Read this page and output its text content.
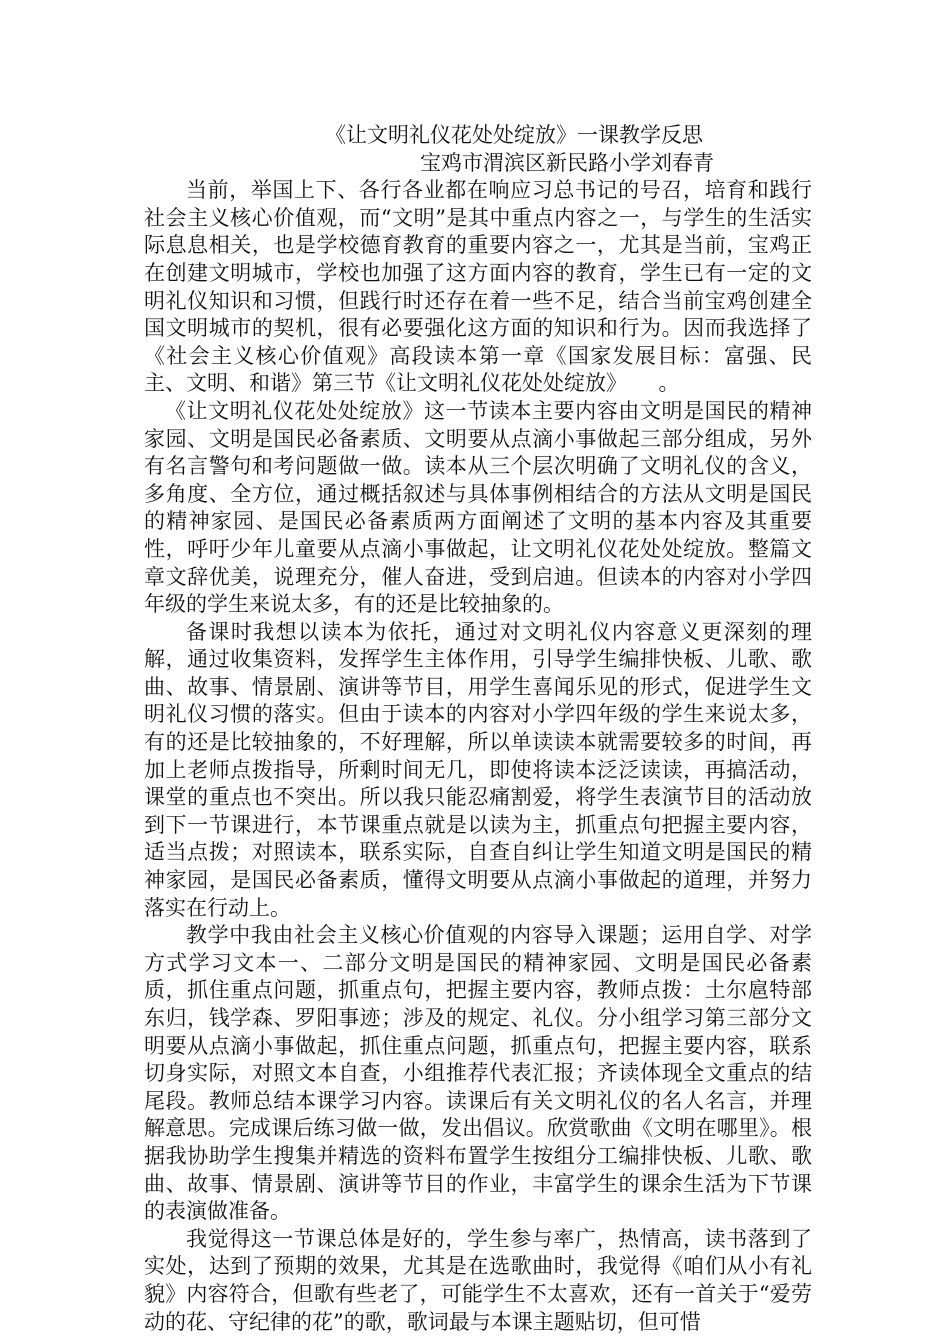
《让文明礼仪花处处绽放》一课教学反思

宝鸡市渭滨区新民路小学刘春青

当前，举国上下、各行各业都在响应习总书记的号召，培育和践行社会主义核心价值观，而“文明”是其中重点内容之一，与学生的生活实际息息相关，也是学校德育教育的重要内容之一，尤其是当前，宝鸡正在创建文明城市，学校也加强了这方面内容的教育，学生已有一定的文明礼仪知识和习惯，但践行时还存在着一些不足，结合当前宝鸡创建全国文明城市的契机，很有必要强化这方面的知识和行为。因而我选择了《社会主义核心价值观》高段读本第一章《国家发展目标：富强、民主、文明、和谐》第三节《让文明礼仪花处处绽放》　　。

《让文明礼仪花处处绽放》这一节读本主要内容由文明是国民的精神家园、文明是国民必备素质、文明要从点滴小事做起三部分组成，另外有名言警句和考问题做一做。读本从三个层次明确了文明礼仪的含义，多角度、全方位，通过概括叙述与具体事例相结合的方法从文明是国民的精神家园、是国民必备素质两方面阐述了文明的基本内容及其重要性，呼吁少年儿童要从点滴小事做起，让文明礼仪花处处绽放。整篇文章文辞优美，说理充分，催人奋进，受到启迪。但读本的内容对小学四年级的学生来说太多，有的还是比较抽象的。

备课时我想以读本为依托，通过对文明礼仪内容意义更深刻的理解，通过收集资料，发挥学生主体作用，引导学生编排快板、儿歌、歌曲、故事、情景剧、演讲等节目，用学生喜闻乐见的形式，促进学生文明礼仪习惯的落实。但由于读本的内容对小学四年级的学生来说太多，有的还是比较抽象的，不好理解，所以单读读本就需要较多的时间，再加上老师点拨指导，所剩时间无几，即使将读本泛泛读读，再搞活动，课堂的重点也不突出。所以我只能忍痛割爱，将学生表演节目的活动放到下一节课进行，本节课重点就是以读为主，抓重点句把握主要内容，适当点拨；对照读本，联系实际，自查自纠让学生知道文明是国民的精神家园，是国民必备素质，懂得文明要从点滴小事做起的道理，并努力落实在行动上。

教学中我由社会主义核心价值观的内容导入课题；运用自学、对学方式学习文本一、二部分文明是国民的精神家园、文明是国民必备素质，抓住重点问题，抓重点句，把握主要内容，教师点拨：土尔扈特部东归，钱学森、罗阳事迹；涉及的规定、礼仪。分小组学习第三部分文明要从点滴小事做起，抓住重点问题，抓重点句，把握主要内容，联系切身实际，对照文本自查，小组推荐代表汇报；齐读体现全文重点的结尾段。教师总结本课学习内容。读课后有关文明礼仪的名人名言，并理解意思。完成课后练习做一做，发出倡议。欣赏歌曲《文明在哪里》。根据我协助学生搜集并精选的资料布置学生按组分工编排快板、儿歌、歌曲、故事、情景剧、演讲等节目的作业，丰富学生的课余生活为下节课的表演做准备。

我觉得这一节课总体是好的，学生参与率广，热情高，读书落到了实处，达到了预期的效果，尤其是在选歌曲时，我觉得《咱们从小有礼貌》内容符合，但歌有些老了，可能学生不太喜欢，还有一首关于“爱劳动的花、守纪律的花”的歌，歌词最与本课主题贴切，但可惜
